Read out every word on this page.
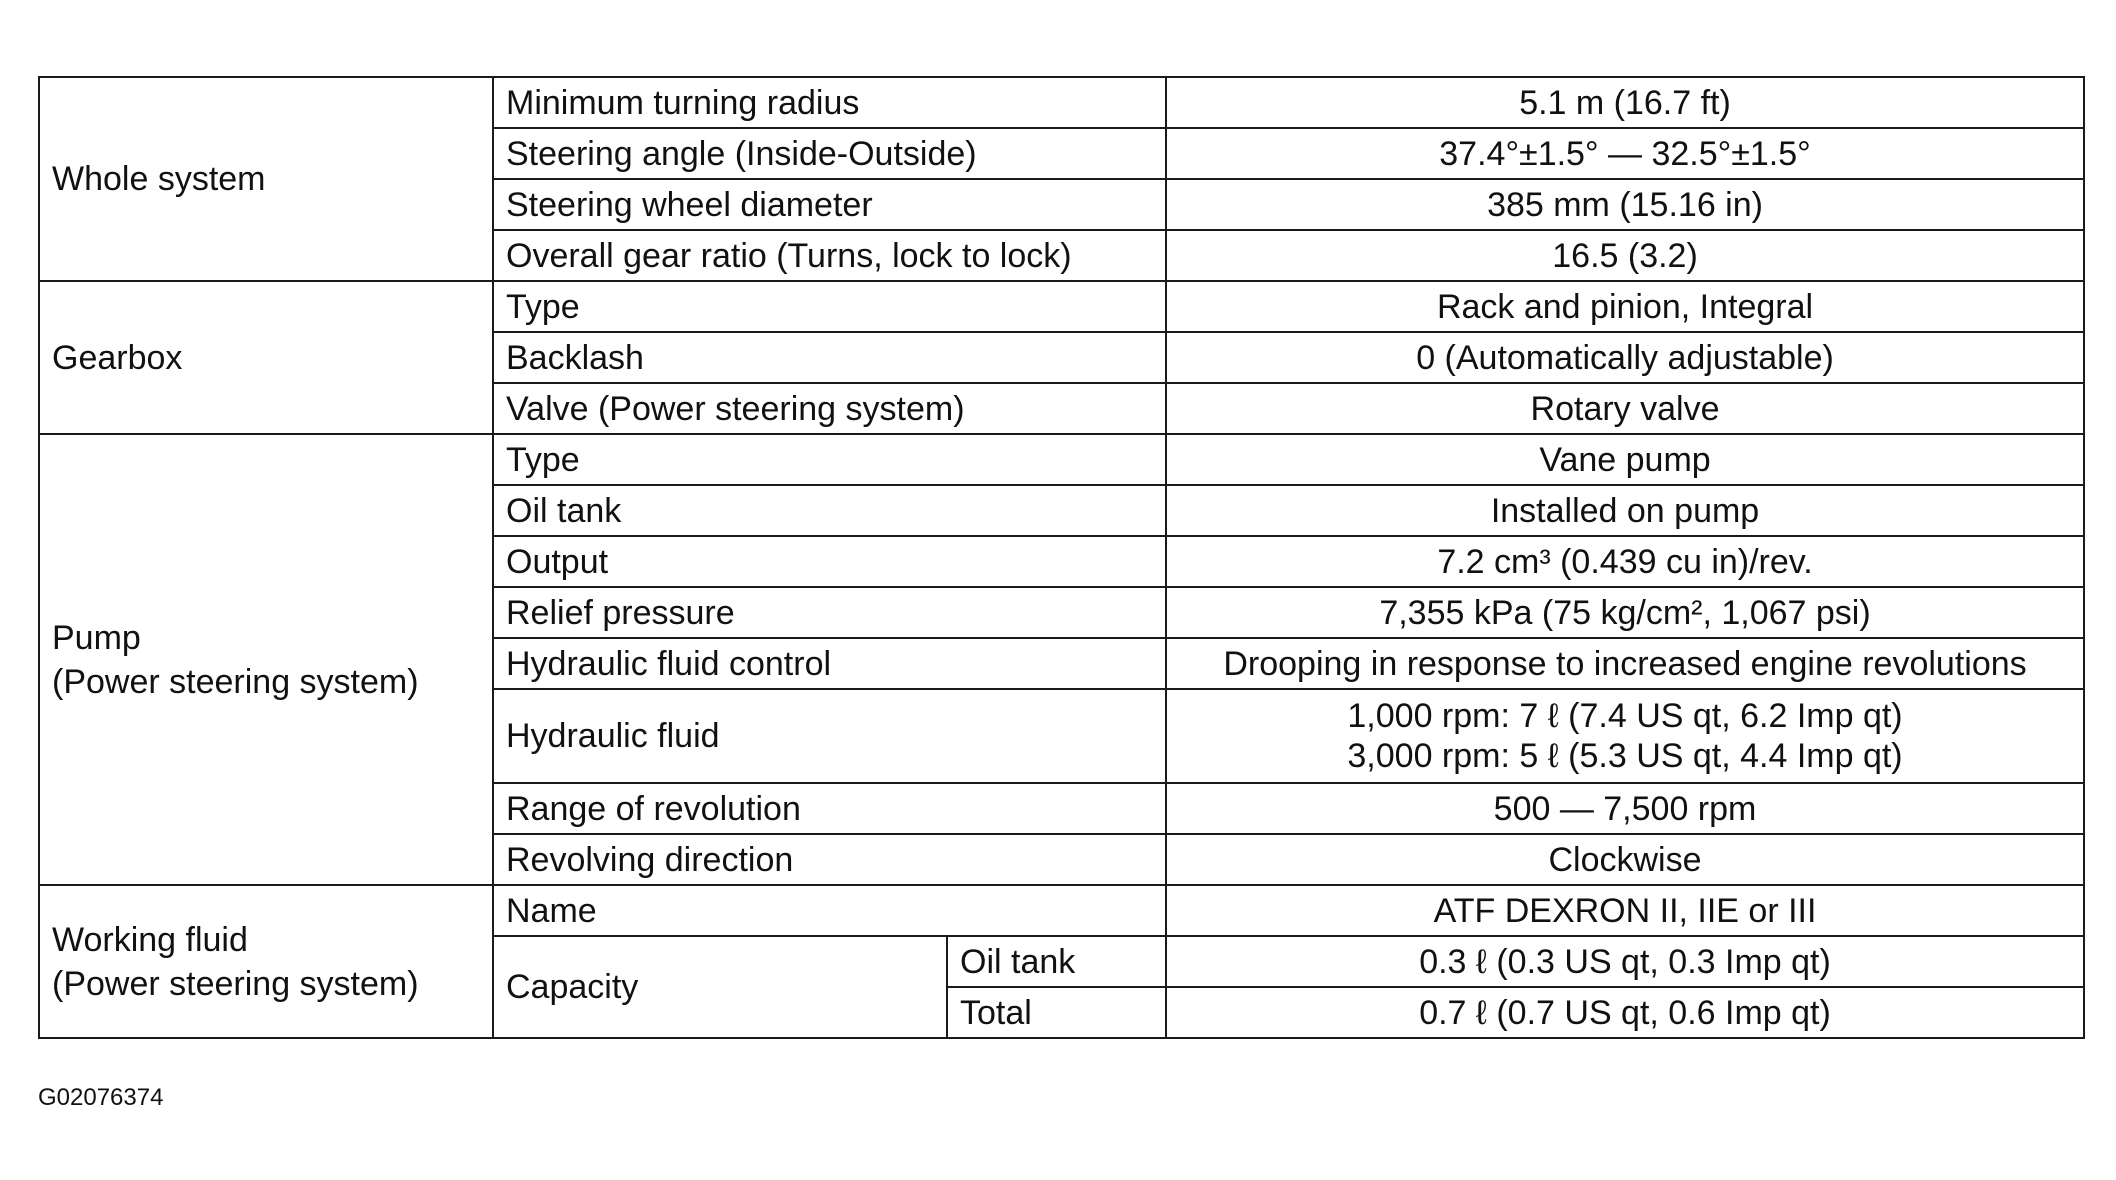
Whole system	Minimum turning radius		5.1 m (16.7 ft)
	Steering angle (Inside-Outside)		37.4°±1.5° — 32.5°±1.5°
	Steering wheel diameter		385 mm (15.16 in)
	Overall gear ratio (Turns, lock to lock)		16.5 (3.2)
Gearbox	Type		Rack and pinion, Integral
	Backlash		0 (Automatically adjustable)
	Valve (Power steering system)		Rotary valve

Pump
(Power steering system)	Type		Vane pump
	Oil tank		Installed on pump
	Output		7.2 cm³ (0.439 cu in)/rev.
	Relief pressure		7,355 kPa (75 kg/cm², 1,067 psi)
	Hydraulic fluid control		Drooping in response to increased engine revolutions
	Hydraulic fluid		1,000 rpm: 7 ℓ (7.4 US qt, 6.2 Imp qt)
3,000 rpm: 5 ℓ (5.3 US qt, 4.4 Imp qt)

	Range of revolution		500 — 7,500 rpm
	Revolving direction		Clockwise

Working fluid
(Power steering system)	Name		ATF DEXRON II, IIE or III
	Capacity	Oil tank	0.3 ℓ (0.3 US qt, 0.3 Imp qt)
		Total	0.7 ℓ (0.7 US qt, 0.6 Imp qt)
G02076374
